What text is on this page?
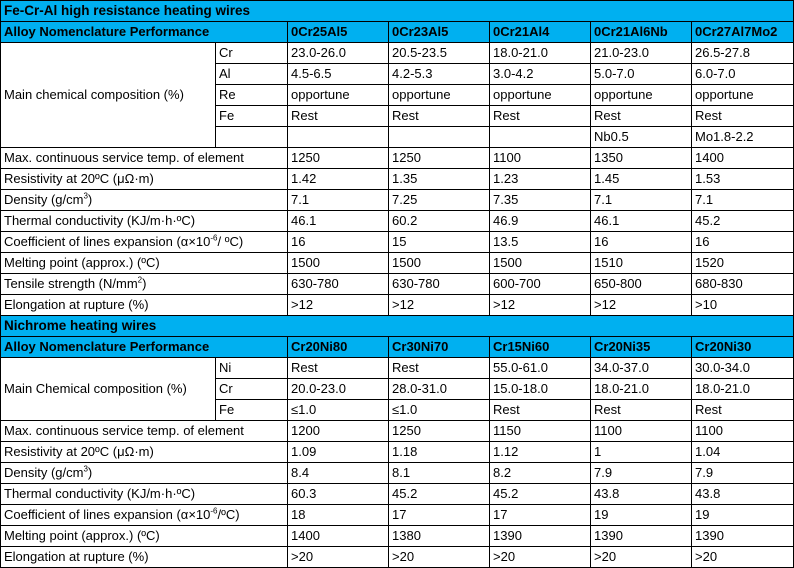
Fe-Cr-Al high resistance heating wires						
Alloy Nomenclature Performance		0Cr25Al5	0Cr23Al5	0Cr21Al4	0Cr21Al6Nb	0Cr27Al7Mo2
Main chemical composition (%)	Cr	23.0-26.0	20.5-23.5	18.0-21.0	21.0-23.0	26.5-27.8
	Al	4.5-6.5	4.2-5.3	3.0-4.2	5.0-7.0	6.0-7.0
	Re	opportune	opportune	opportune	opportune	opportune
	Fe	Rest	Rest	Rest	Rest	Rest
					Nb0.5	Mo1.8-2.2
Max. continuous service temp. of element		1250	1250	1100	1350	1400
Resistivity at 20ºC (μΩ·m)		1.42	1.35	1.23	1.45	1.53
Density $(g/cm^3)$		7.1	7.25	7.35	7.1	7.1
Thermal conductivity (KJ/m·h·ºC)		46.1	60.2	46.9	46.1	45.2
Coefficient of lines expansion ($\alpha\times 10^{-6}/$ ºC)		16	15	13.5	16	16
Melting point (approx.) (ºC)		1500	1500	1500	1510	1520
Tensile strength $(N/mm^2)$		630-780	630-780	600-700	650-800	680-830
Elongation at rupture (%)		>12	>12	>12	>12	>10
Nichrome heating wires						
Alloy Nomenclature Performance		Cr20Ni80	Cr30Ni70	Cr15Ni60	Cr20Ni35	Cr20Ni30
Main Chemical composition (%)	Ni	Rest	Rest	55.0-61.0	34.0-37.0	30.0-34.0
	Cr	20.0-23.0	28.0-31.0	15.0-18.0	18.0-21.0	18.0-21.0
	Fe	≤1.0	≤1.0	Rest	Rest	Rest
Max. continuous service temp. of element		1200	1250	1150	1100	1100
Resistivity at 20ºC (μΩ·m)		1.09	1.18	1.12	1	1.04
Density $(g/cm^3)$		8.4	8.1	8.2	7.9	7.9
Thermal conductivity (KJ/m·h·ºC)		60.3	45.2	45.2	43.8	43.8
Coefficient of lines expansion $(\alpha\times 10^{-6}/ºC)$		18	17	17	19	19
Melting point (approx.) (ºC)		1400	1380	1390	1390	1390
Elongation at rupture (%)		>20	>20	>20	>20	>20
